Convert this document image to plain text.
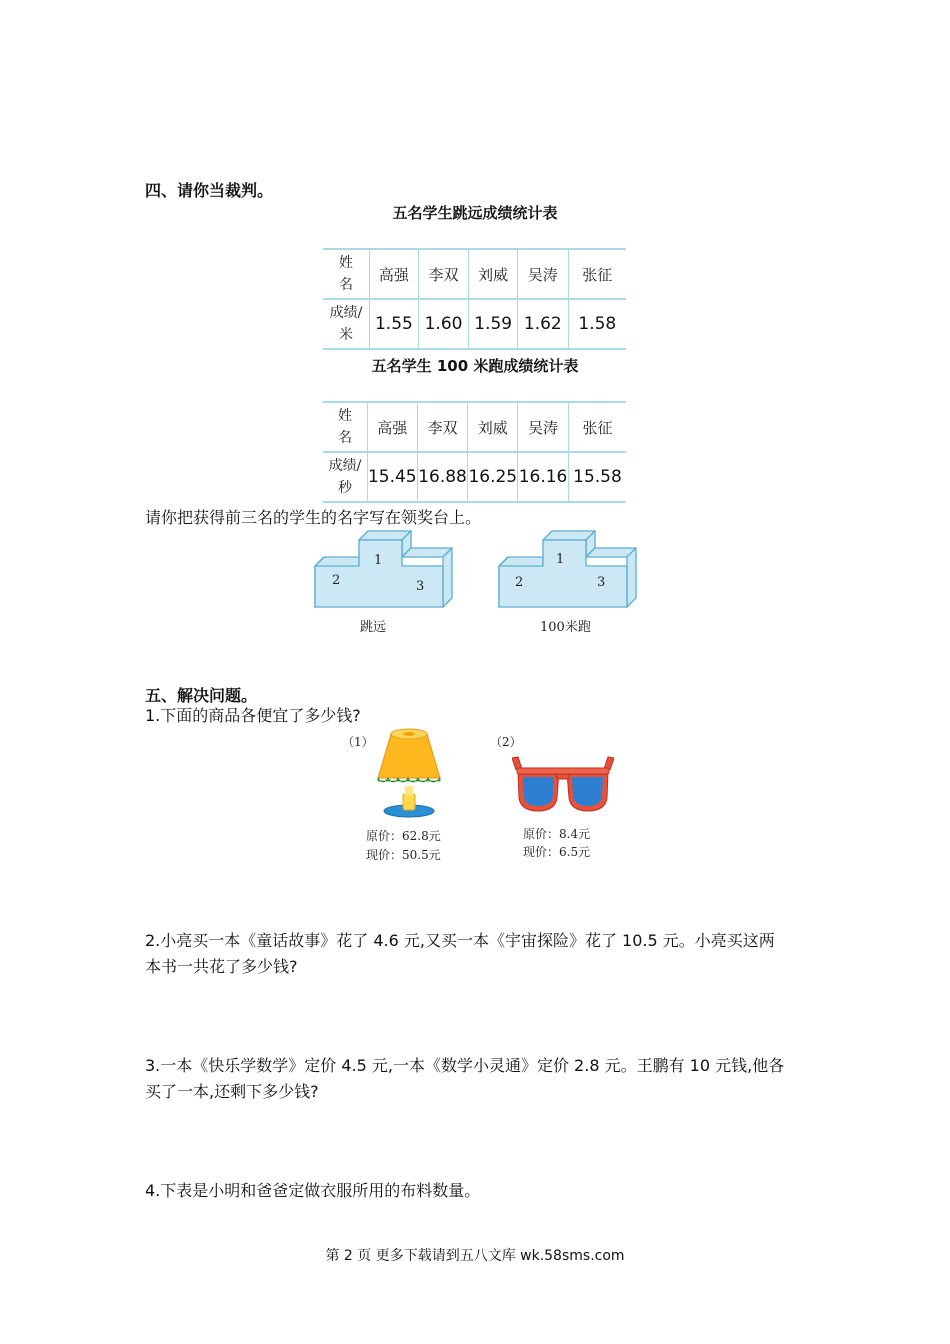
四、请你当裁判。
五名学生跳远成绩统计表
姓
名	高强	李双	刘威	吴涛	张征

成绩/
米	1.55	1.60	1.59	1.62	1.58
五名学生 100 米跑成绩统计表
姓
名	高强	李双	刘威	吴涛	张征

成绩/
秒	15.45	16.88	16.25	16.16	15.58
请你把获得前三名的学生的名字写在领奖台上。
1
2	3
跳远
1
2	3
100米跑
五、解决问题。
1.下面的商品各便宜了多少钱?
（1）
原价：62.8元
现价：50.5元
（2）
原价：8.4元
现价：6.5元
2.小亮买一本《童话故事》花了 4.6 元,又买一本《宇宙探险》花了 10.5 元。小亮买这两
本书一共花了多少钱?
3.一本《快乐学数学》定价 4.5 元,一本《数学小灵通》定价 2.8 元。王鹏有 10 元钱,他各
买了一本,还剩下多少钱?
4.下表是小明和爸爸定做衣服所用的布料数量。
第 2 页 更多下载请到五八文库 wk.58sms.com
